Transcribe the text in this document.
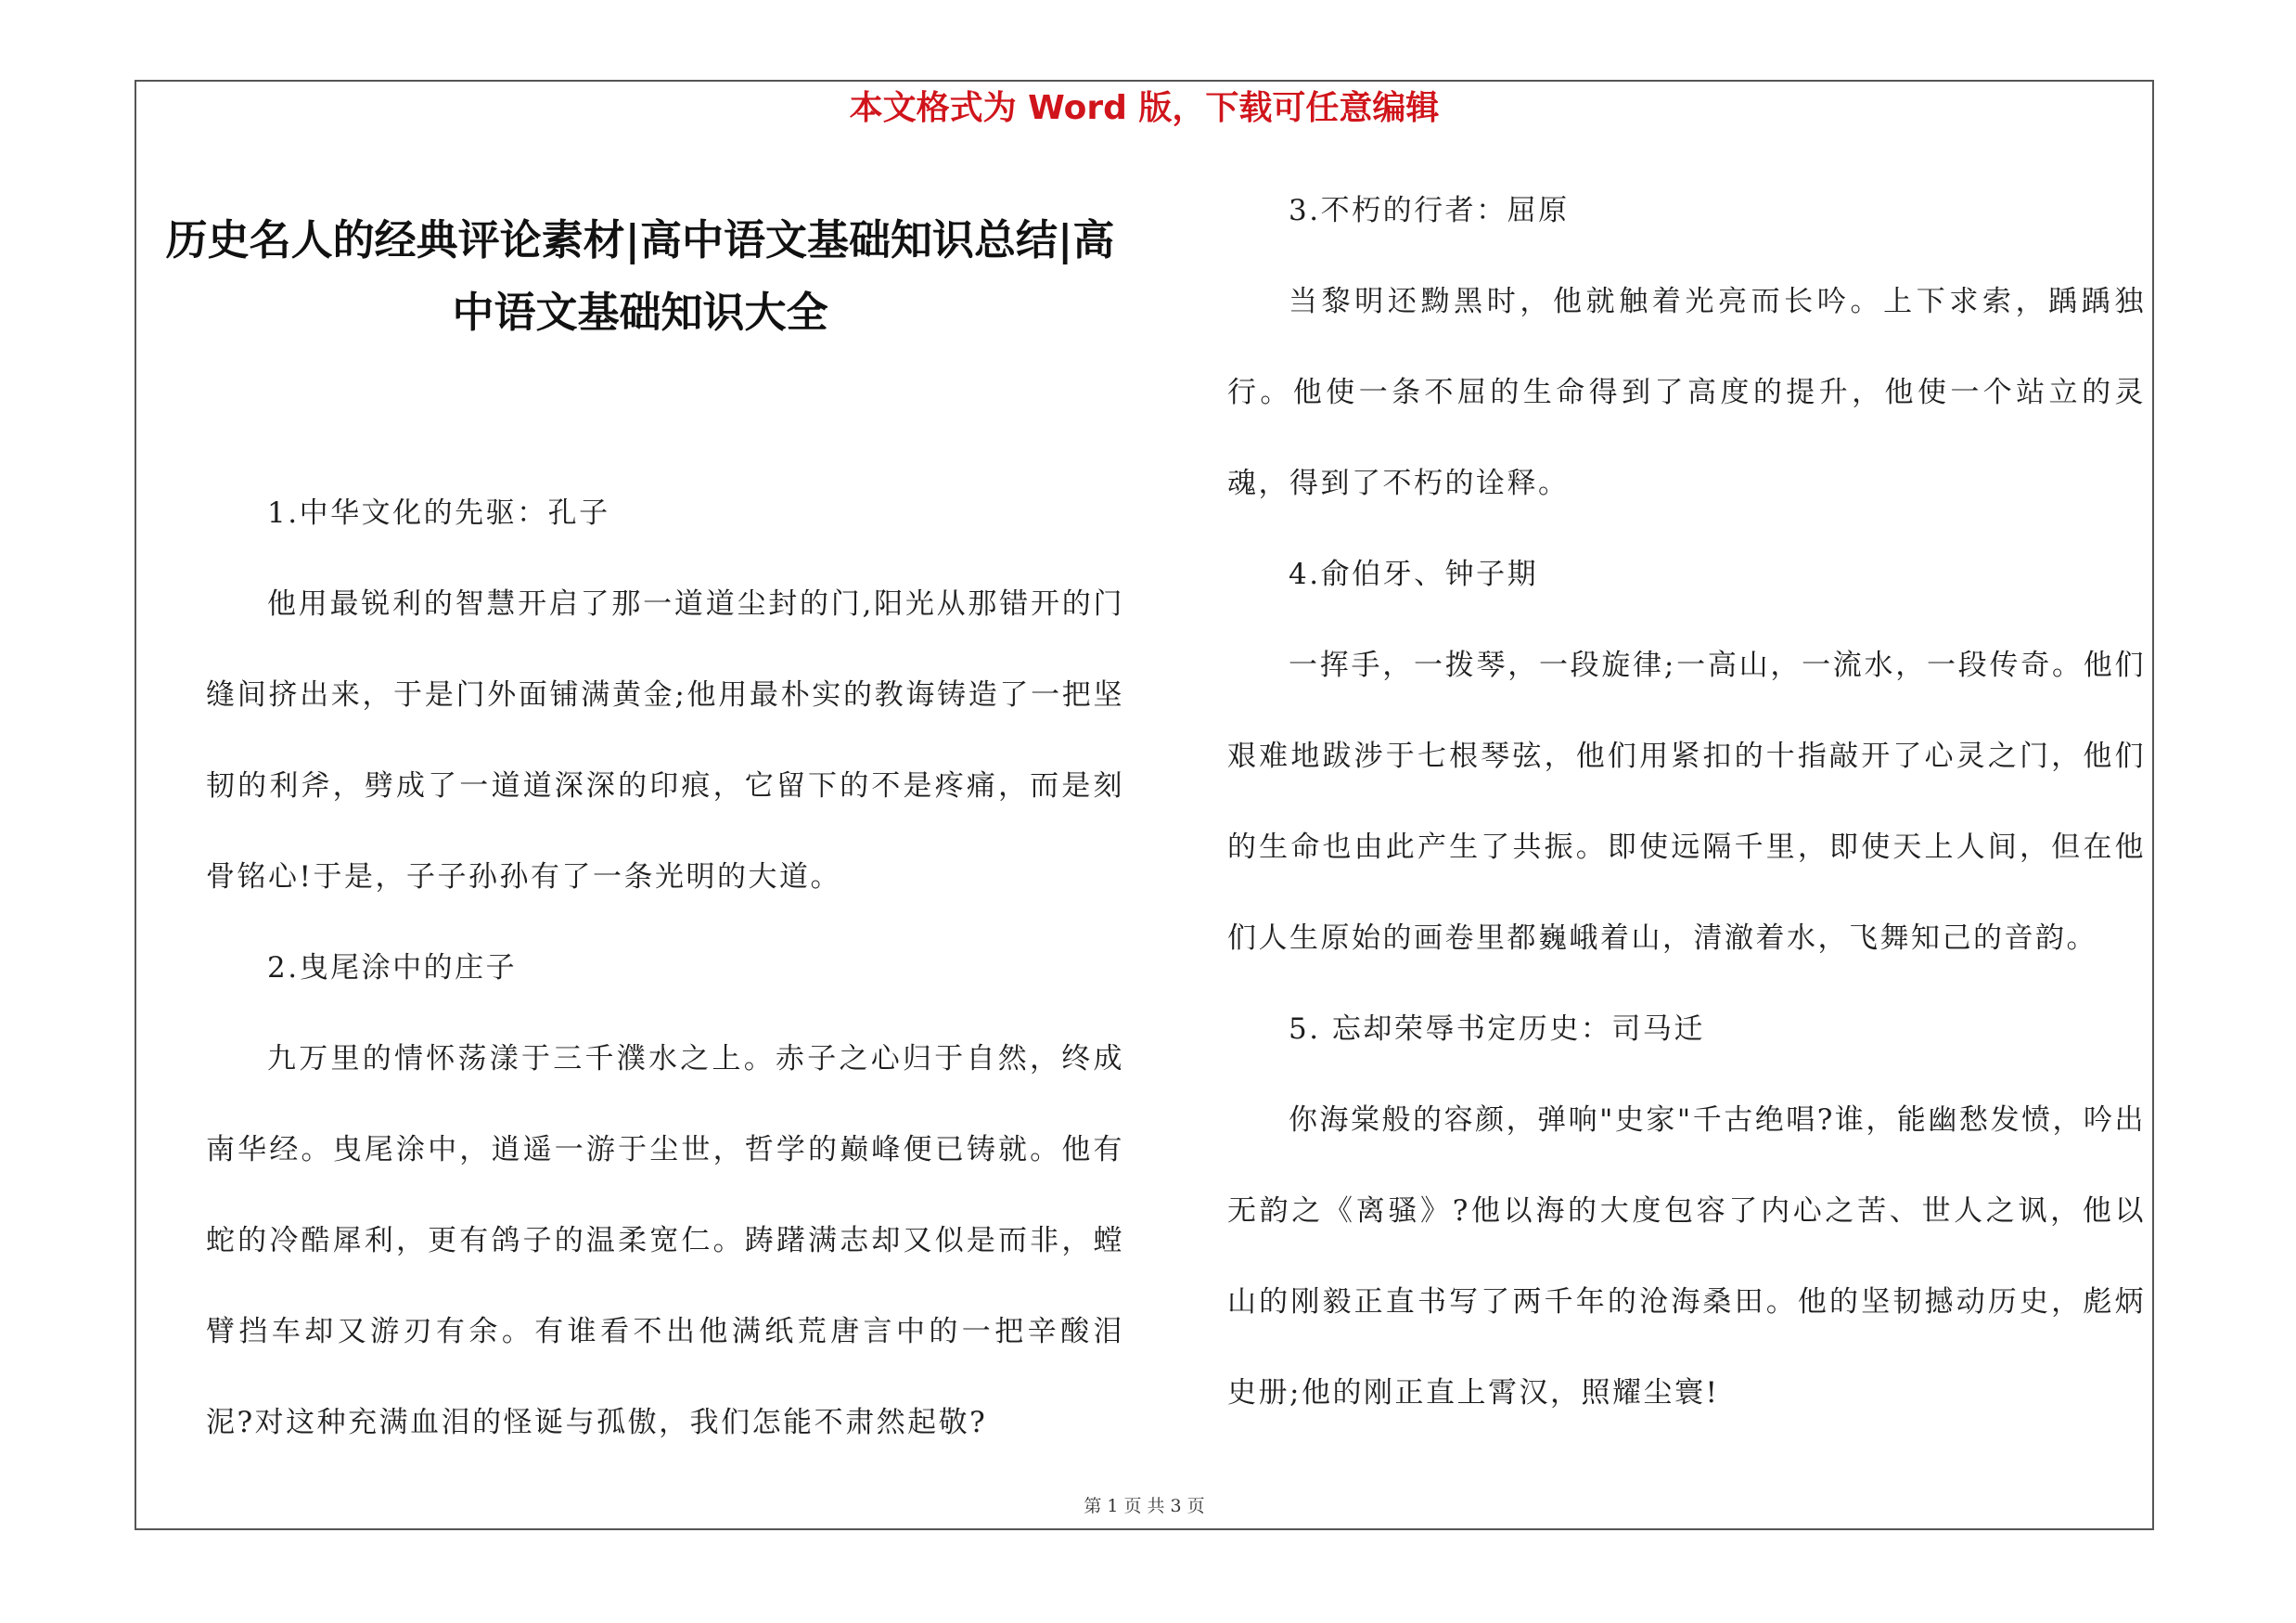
本文格式为 Word 版，下载可任意编辑
历史名人的经典评论素材|高中语文基础知识总结|高中语文基础知识大全

1.中华文化的先驱：孔子

他用最锐利的智慧开启了那一道道尘封的门,阳光从那错开的门缝间挤出来，于是门外面铺满黄金;他用最朴实的教诲铸造了一把坚韧的利斧，劈成了一道道深深的印痕，它留下的不是疼痛，而是刻骨铭心!于是，子子孙孙有了一条光明的大道。

2.曳尾涂中的庄子

九万里的情怀荡漾于三千濮水之上。赤子之心归于自然，终成南华经。曳尾涂中，逍遥一游于尘世，哲学的巅峰便已铸就。他有蛇的冷酷犀利，更有鸽子的温柔宽仁。踌躇满志却又似是而非，螳臂挡车却又游刃有余。有谁看不出他满纸荒唐言中的一把辛酸泪泥?对这种充满血泪的怪诞与孤傲，我们怎能不肃然起敬?

3.不朽的行者：屈原

当黎明还黝黑时，他就触着光亮而长吟。上下求索，踽踽独行。他使一条不屈的生命得到了高度的提升，他使一个站立的灵魂，得到了不朽的诠释。

4.俞伯牙、钟子期

一挥手，一拨琴，一段旋律;一高山，一流水，一段传奇。他们艰难地跋涉于七根琴弦，他们用紧扣的十指敲开了心灵之门，他们的生命也由此产生了共振。即使远隔千里，即使天上人间，但在他们人生原始的画卷里都巍峨着山，清澈着水，飞舞知己的音韵。

5. 忘却荣辱书定历史：司马迁

你海棠般的容颜，弹响"史家"千古绝唱?谁，能幽愁发愤，吟出无韵之《离骚》?他以海的大度包容了内心之苦、世人之讽，他以山的刚毅正直书写了两千年的沧海桑田。他的坚韧撼动历史，彪炳史册;他的刚正直上霄汉，照耀尘寰!

第 1 页 共 3 页
